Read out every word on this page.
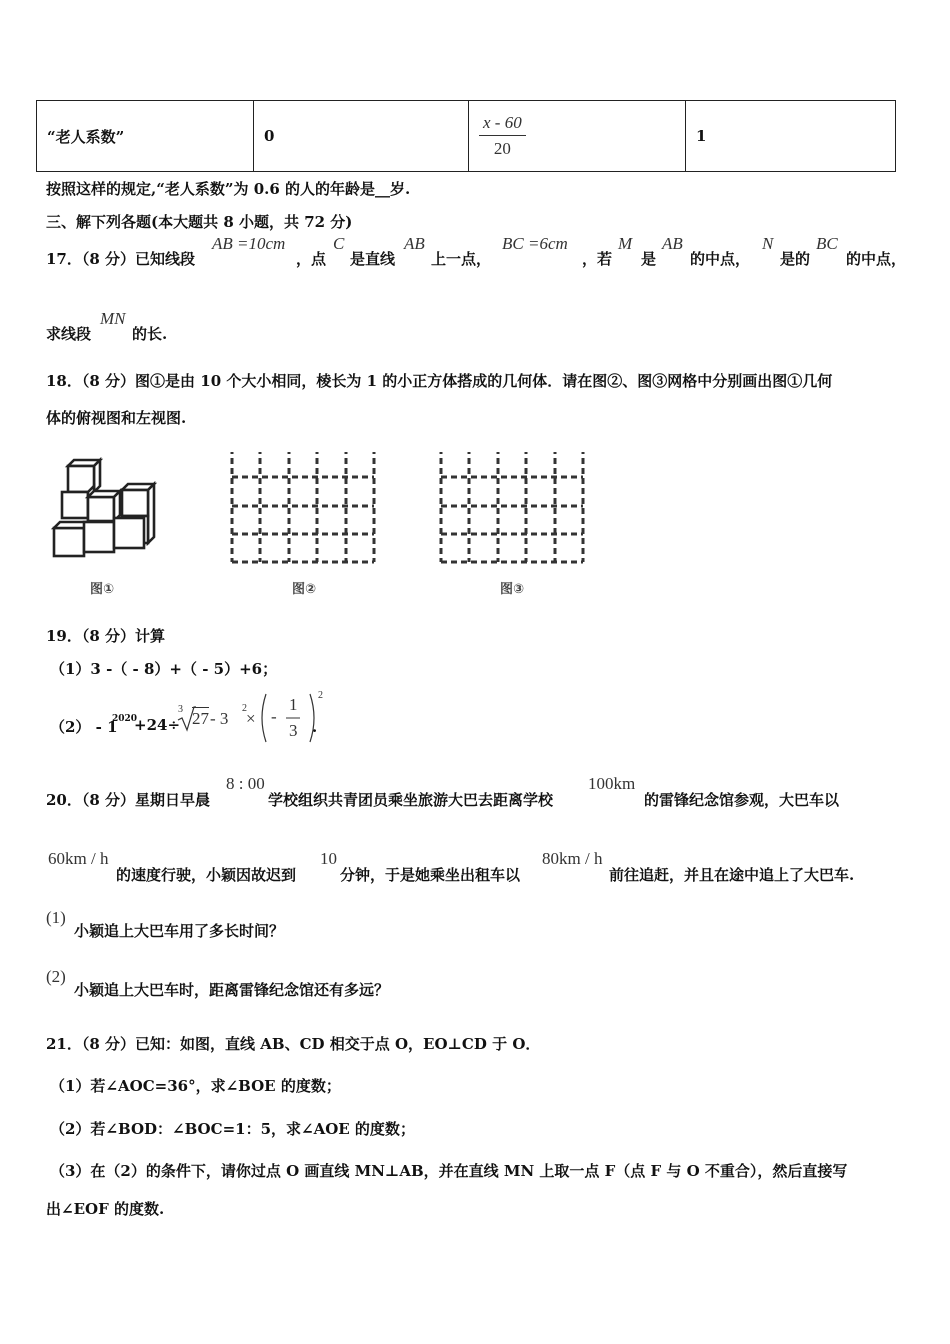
“老人系数”	0	$\frac{x - 60}{20}$	1
按照这样的规定,“老人系数”为 0.6 的人的年龄是__岁.
三、解下列各题(本大题共 8 小题，共 72 分)
17．（8 分）已知线段
AB =10cm
，点
C
是直线
AB
上一点，
BC =6cm
，若
M
是
AB
的中点，
N
是的
BC
的中点，
求线段
MN
的长.
18．（8 分）图①是由 10 个大小相同，棱长为 1 的小正方体搭成的几何体．请在图②、图③网格中分别画出图①几何
体的俯视图和左视图.
图①	图②	图③
19．（8 分）计算
（1）3 -（ - 8）+（ - 5）+6；
（2） - 1
2020
+24÷
3 27 - 3
2
× -
1
3
2
.
20．（8 分）星期日早晨
8 : 00
学校组织共青团员乘坐旅游大巴去距离学校
100km
的雷锋纪念馆参观，大巴车以
60km / h
的速度行驶，小颖因故迟到
10
分钟，于是她乘坐出租车以
80km / h
前往追赶，并且在途中追上了大巴车.
(1)
小颖追上大巴车用了多长时间？
(2)
小颖追上大巴车时，距离雷锋纪念馆还有多远？
21．（8 分）已知：如图，直线 AB、CD 相交于点 O，EO⊥CD 于 O．
（1）若∠AOC=36°，求∠BOE 的度数；
（2）若∠BOD：∠BOC=1：5，求∠AOE 的度数；
（3）在（2）的条件下，请你过点 O 画直线 MN⊥AB，并在直线 MN 上取一点 F（点 F 与 O 不重合），然后直接写
出∠EOF 的度数.
